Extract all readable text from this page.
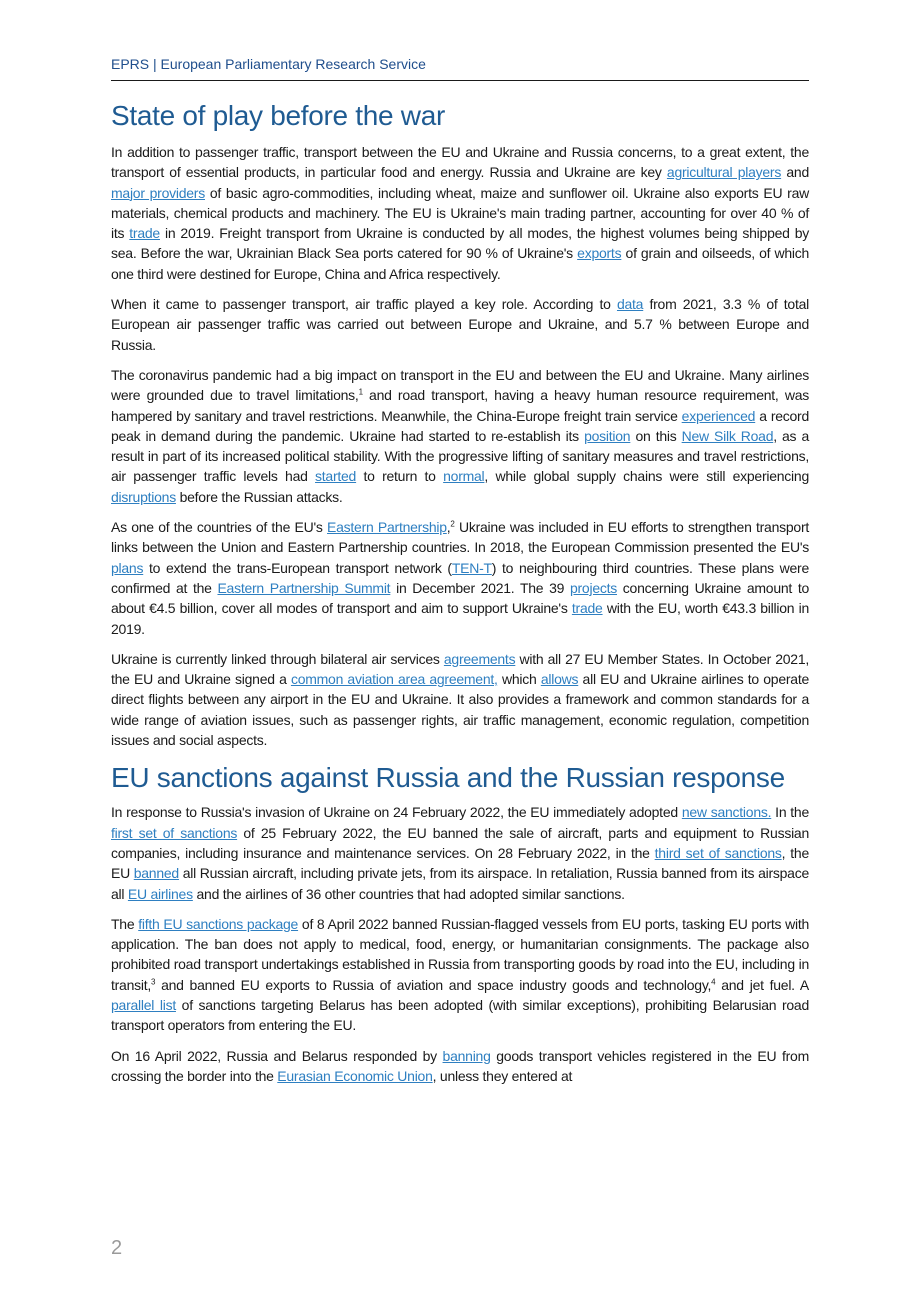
EPRS | European Parliamentary Research Service
State of play before the war

In addition to passenger traffic, transport between the EU and Ukraine and Russia concerns, to a great extent, the transport of essential products, in particular food and energy. Russia and Ukraine are key agricultural players and major providers of basic agro-commodities, including wheat, maize and sunflower oil. Ukraine also exports EU raw materials, chemical products and machinery. The EU is Ukraine's main trading partner, accounting for over 40 % of its trade in 2019. Freight transport from Ukraine is conducted by all modes, the highest volumes being shipped by sea. Before the war, Ukrainian Black Sea ports catered for 90 % of Ukraine's exports of grain and oilseeds, of which one third were destined for Europe, China and Africa respectively.

When it came to passenger transport, air traffic played a key role. According to data from 2021, 3.3 % of total European air passenger traffic was carried out between Europe and Ukraine, and 5.7 % between Europe and Russia.

The coronavirus pandemic had a big impact on transport in the EU and between the EU and Ukraine. Many airlines were grounded due to travel limitations,$^1$ and road transport, having a heavy human resource requirement, was hampered by sanitary and travel restrictions. Meanwhile, the China-Europe freight train service experienced a record peak in demand during the pandemic. Ukraine had started to re-establish its position on this New Silk Road, as a result in part of its increased political stability. With the progressive lifting of sanitary measures and travel restrictions, air passenger traffic levels had started to return to normal, while global supply chains were still experiencing disruptions before the Russian attacks.

As one of the countries of the EU's Eastern Partnership,$^2$ Ukraine was included in EU efforts to strengthen transport links between the Union and Eastern Partnership countries. In 2018, the European Commission presented the EU's plans to extend the trans-European transport network (TEN-T) to neighbouring third countries. These plans were confirmed at the Eastern Partnership Summit in December 2021. The 39 projects concerning Ukraine amount to about €4.5 billion, cover all modes of transport and aim to support Ukraine's trade with the EU, worth €43.3 billion in 2019.

Ukraine is currently linked through bilateral air services agreements with all 27 EU Member States. In October 2021, the EU and Ukraine signed a common aviation area agreement, which allows all EU and Ukraine airlines to operate direct flights between any airport in the EU and Ukraine. It also provides a framework and common standards for a wide range of aviation issues, such as passenger rights, air traffic management, economic regulation, competition issues and social aspects.

EU sanctions against Russia and the Russian response

In response to Russia's invasion of Ukraine on 24 February 2022, the EU immediately adopted new sanctions. In the first set of sanctions of 25 February 2022, the EU banned the sale of aircraft, parts and equipment to Russian companies, including insurance and maintenance services. On 28 February 2022, in the third set of sanctions, the EU banned all Russian aircraft, including private jets, from its airspace. In retaliation, Russia banned from its airspace all EU airlines and the airlines of 36 other countries that had adopted similar sanctions.

The fifth EU sanctions package of 8 April 2022 banned Russian-flagged vessels from EU ports, tasking EU ports with application. The ban does not apply to medical, food, energy, or humanitarian consignments. The package also prohibited road transport undertakings established in Russia from transporting goods by road into the EU, including in transit,$^3$ and banned EU exports to Russia of aviation and space industry goods and technology,$^4$ and jet fuel. A parallel list of sanctions targeting Belarus has been adopted (with similar exceptions), prohibiting Belarusian road transport operators from entering the EU.

On 16 April 2022, Russia and Belarus responded by banning goods transport vehicles registered in the EU from crossing the border into the Eurasian Economic Union, unless they entered at

2
